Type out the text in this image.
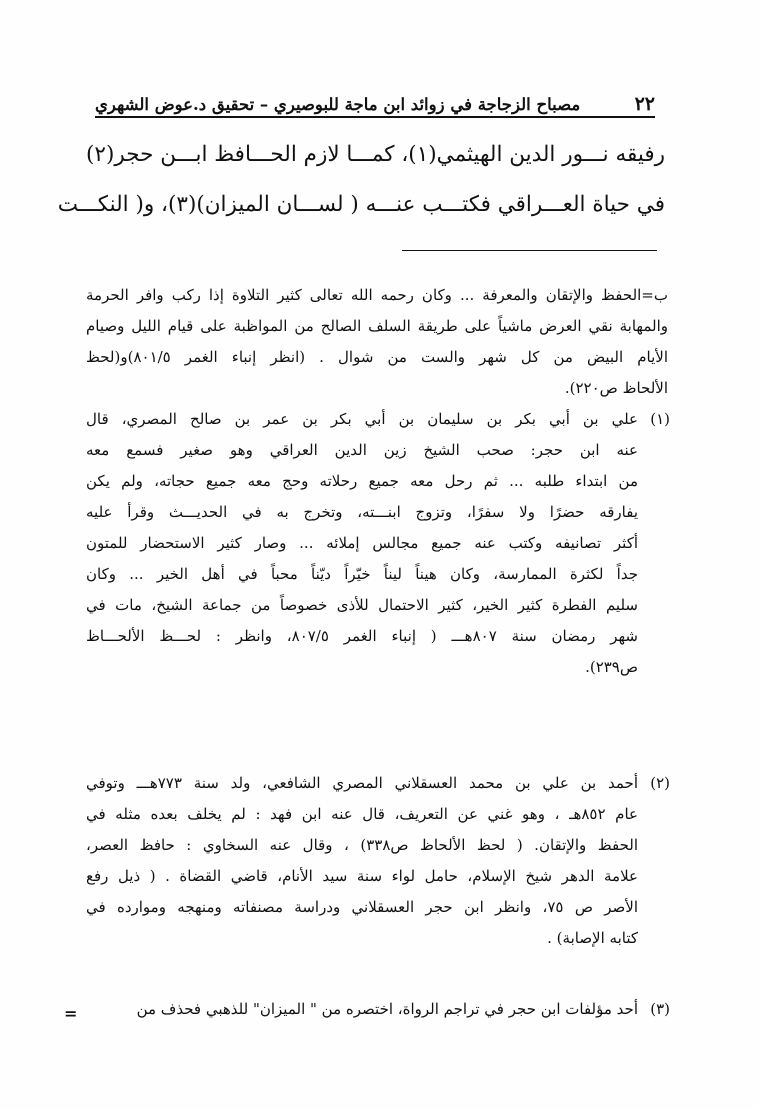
٢٢
مصباح الزجاجة في زوائد ابن ماجة للبوصيري – تحقيق د.عوض الشهري
رفيقه نـــور الدين الهيثمي(١)، كمـــا لازم الحـــافظ ابـــن حجر(٢)
في حياة العـــراقي فكتـــب عنـــه ( لســـان الميزان)(٣)، و( النكـــت
ب=الحفظ والإتقان والمعرفة ... وكان رحمه الله تعالى كثير التلاوة إذا ركب وافر الحرمة
والمهابة نقي العرض ماشياً على طريقة السلف الصالح من المواظبة على قيام الليل وصيام
الأيام البيض من كل شهر والست من شوال . (انظر إنباء الغمر ٨٠١/٥)و(لحظ
الألحاظ ص٢٢٠).
(١)
علي بن أبي بكر بن سليمان بن أبي بكر بن عمر بن صالح المصري، قال
عنه ابن حجر: صحب الشيخ زين الدين العراقي وهو صغير فسمع معه
من ابتداء طلبه ... ثم رحل معه جميع رحلاته وحج معه جميع حجاته، ولم يكن
يفارقه حضرًا ولا سفرًا، وتزوج ابنـــته، وتخرج به في الحديـــث وقرأ عليه
أكثر تصانيفه وكتب عنه جميع مجالس إملائه ... وصار كثير الاستحضار للمتون
جداً لكثرة الممارسة، وكان هيناً ليناً خيّراً ديّناً محباً في أهل الخير ... وكان
سليم الفطرة كثير الخير، كثير الاحتمال للأذى خصوصاً من جماعة الشيخ، مات في
شهر رمضان سنة ٨٠٧هـــ ( إنباء الغمر ٨٠٧/٥، وانظر : لحـــظ الألحـــاظ
ص٢٣٩).
(٢)
أحمد بن علي بن محمد العسقلاني المصري الشافعي، ولد سنة ٧٧٣هـــ وتوفي
عام ٨٥٢هـ ، وهو غني عن التعريف، قال عنه ابن فهد : لم يخلف بعده مثله في
الحفظ والإتقان. ( لحظ الألحاظ ص٣٣٨) ، وقال عنه السخاوي : حافظ العصر،
علامة الدهر شيخ الإسلام، حامل لواء سنة سيد الأنام، قاضي القضاة . ( ذيل رفع
الأصر ص ٧٥، وانظر ابن حجر العسقلاني ودراسة مصنفاته ومنهجه وموارده في
كتابه الإصابة) .
(٣)
أحد مؤلفات ابن حجر في تراجم الرواة، اختصره من " الميزان" للذهبي فحذف من
=
